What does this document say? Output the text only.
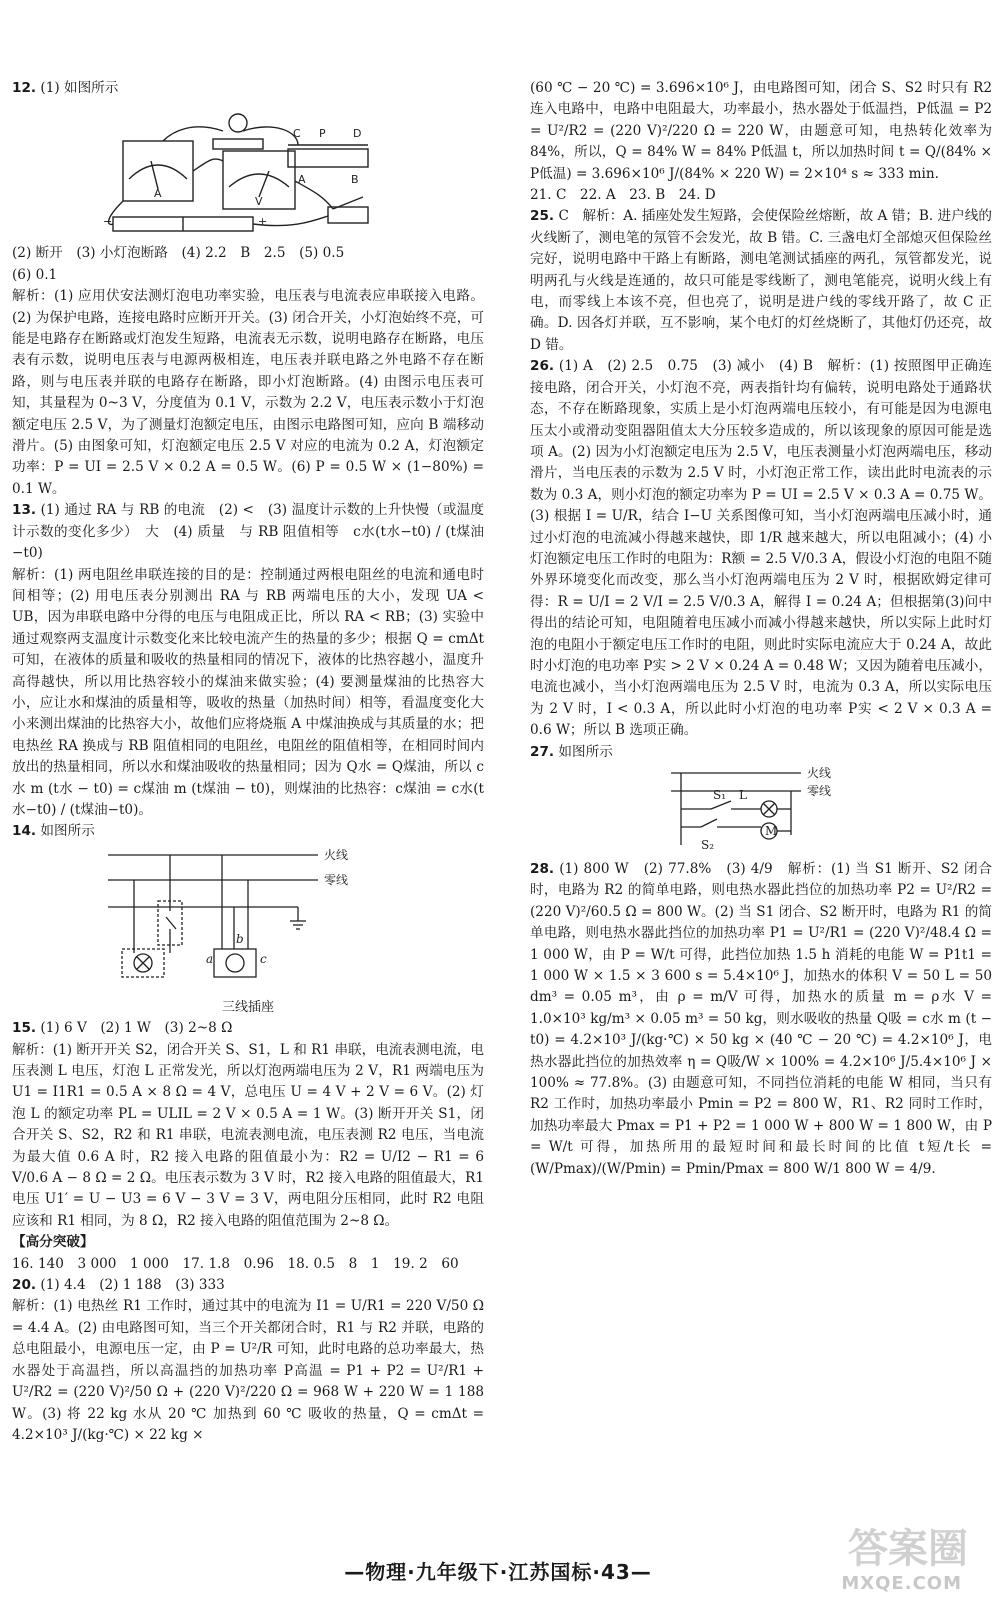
12. (1) 如图所示

C P D
A	B
A
V
−	+

(2) 断开　(3) 小灯泡断路　(4) 2.2　B　2.5　(5) 0.5

(6) 0.1

解析：(1) 应用伏安法测灯泡电功率实验，电压表与电流表应串联接入电路。(2) 为保护电路，连接电路时应断开开关。(3) 闭合开关，小灯泡始终不亮，可能是电路存在断路或灯泡发生短路，电流表无示数，说明电路存在断路，电压表有示数，说明电压表与电源两极相连，电压表并联电路之外电路不存在断路，则与电压表并联的电路存在断路，即小灯泡断路。(4) 由图示电压表可知，其量程为 0~3 V，分度值为 0.1 V，示数为 2.2 V，电压表示数小于灯泡额定电压 2.5 V，为了测量灯泡额定电压，由图示电路图可知，应向 B 端移动滑片。(5) 由图象可知，灯泡额定电压 2.5 V 对应的电流为 0.2 A，灯泡额定功率：P = UI = 2.5 V × 0.2 A = 0.5 W。(6) P = 0.5 W × (1−80%) = 0.1 W。

13. (1) 通过 RA 与 RB 的电流　(2) <　(3) 温度计示数的上升快慢（或温度计示数的变化多少）　大　(4) 质量　与 RB 阻值相等　c水(t水−t0) / (t煤油−t0)

解析：(1) 两电阻丝串联连接的目的是：控制通过两根电阻丝的电流和通电时间相等；(2) 用电压表分别测出 RA 与 RB 两端电压的大小，发现 UA < UB，因为串联电路中分得的电压与电阻成正比，所以 RA < RB；(3) 实验中通过观察两支温度计示数变化来比较电流产生的热量的多少；根据 Q = cmΔt 可知，在液体的质量和吸收的热量相同的情况下，液体的比热容越小，温度升高得越快，所以用比热容较小的煤油来做实验；(4) 要测量煤油的比热容大小，应让水和煤油的质量相等，吸收的热量（加热时间）相等，看温度变化大小来测出煤油的比热容大小，故他们应将烧瓶 A 中煤油换成与其质量的水；把电热丝 RA 换成与 RB 阻值相同的电阻丝，电阻丝的阻值相等，在相同时间内放出的热量相同，所以水和煤油吸收的热量相同；因为 Q水 = Q煤油，所以 c水 m (t水 − t0) = c煤油 m (t煤油 − t0)，则煤油的比热容：c煤油 = c水(t水−t0) / (t煤油−t0)。

14. 如图所示

火线
零线
a
b
c
三线插座

15. (1) 6 V　(2) 1 W　(3) 2~8 Ω

解析：(1) 断开开关 S2，闭合开关 S、S1，L 和 R1 串联，电流表测电流，电压表测 L 电压，灯泡 L 正常发光，所以灯泡两端电压为 2 V，R1 两端电压为 U1 = I1R1 = 0.5 A × 8 Ω = 4 V，总电压 U = 4 V + 2 V = 6 V。(2) 灯泡 L 的额定功率 PL = ULIL = 2 V × 0.5 A = 1 W。(3) 断开开关 S1，闭合开关 S、S2，R2 和 R1 串联，电流表测电流，电压表测 R2 电压，当电流为最大值 0.6 A 时，R2 接入电路的阻值最小为：R2 = U/I2 − R1 = 6 V/0.6 A − 8 Ω = 2 Ω。电压表示数为 3 V 时，R2 接入电路的阻值最大，R1 电压 U1′ = U − U3 = 6 V − 3 V = 3 V，两电阻分压相同，此时 R2 电阻应该和 R1 相同，为 8 Ω，R2 接入电路的阻值范围为 2~8 Ω。

【高分突破】

16. 140　3 000　1 000　17. 1.8　0.96　18. 0.5　8　1　19. 2　60

20. (1) 4.4　(2) 1 188　(3) 333

解析：(1) 电热丝 R1 工作时，通过其中的电流为 I1 = U/R1 = 220 V/50 Ω = 4.4 A。(2) 由电路图可知，当三个开关都闭合时，R1 与 R2 并联，电路的总电阻最小，电源电压一定，由 P = U²/R 可知，此时电路的总功率最大，热水器处于高温挡，所以高温挡的加热功率 P高温 = P1 + P2 = U²/R1 + U²/R2 = (220 V)²/50 Ω + (220 V)²/220 Ω = 968 W + 220 W = 1 188 W。(3) 将 22 kg 水从 20 ℃ 加热到 60 ℃ 吸收的热量，Q = cmΔt = 4.2×10³ J/(kg·℃) × 22 kg ×

(60 ℃ − 20 ℃) = 3.696×10⁶ J，由电路图可知，闭合 S、S2 时只有 R2 连入电路中，电路中电阻最大，功率最小，热水器处于低温挡，P低温 = P2 = U²/R2 = (220 V)²/220 Ω = 220 W，由题意可知，电热转化效率为 84%，所以，Q = 84% W = 84% P低温 t，所以加热时间 t = Q/(84% × P低温) = 3.696×10⁶ J/(84% × 220 W) = 2×10⁴ s ≈ 333 min.

21. C　22. A　23. B　24. D

25. C　解析：A. 插座处发生短路，会使保险丝熔断，故 A 错；B. 进户线的火线断了，测电笔的氖管不会发光，故 B 错。C. 三盏电灯全部熄灭但保险丝完好，说明电路中干路上有断路，测电笔测试插座的两孔，氖管都发光，说明两孔与火线是连通的，故只可能是零线断了，测电笔能亮，说明火线上有电，而零线上本该不亮，但也亮了，说明是进户线的零线开路了，故 C 正确。D. 因各灯并联，互不影响，某个电灯的灯丝烧断了，其他灯仍还亮，故 D 错。

26. (1) A　(2) 2.5　0.75　(3) 减小　(4) B　解析：(1) 按照图甲正确连接电路，闭合开关，小灯泡不亮，两表指针均有偏转，说明电路处于通路状态，不存在断路现象，实质上是小灯泡两端电压较小，有可能是因为电源电压太小或滑动变阻器阻值太大分压较多造成的，所以该现象的原因可能是选项 A。(2) 因为小灯泡额定电压为 2.5 V，电压表测量小灯泡两端电压，移动滑片，当电压表的示数为 2.5 V 时，小灯泡正常工作，读出此时电流表的示数为 0.3 A，则小灯泡的额定功率为 P = UI = 2.5 V × 0.3 A = 0.75 W。(3) 根据 I = U/R，结合 I−U 关系图像可知，当小灯泡两端电压减小时，通过小灯泡的电流减小得越来越快，即 1/R 越来越大，所以电阻减小；(4) 小灯泡额定电压工作时的电阻为：R额 = 2.5 V/0.3 A，假设小灯泡的电阻不随外界环境变化而改变，那么当小灯泡两端电压为 2 V 时，根据欧姆定律可得：R = U/I = 2 V/I = 2.5 V/0.3 A，解得 I = 0.24 A；但根据第(3)问中得出的结论可知，电阻随着电压减小而减小得越来越快，所以实际上此时灯泡的电阻小于额定电压工作时的电阻，则此时实际电流应大于 0.24 A，故此时小灯泡的电功率 P实 > 2 V × 0.24 A = 0.48 W；又因为随着电压减小，电流也减小，当小灯泡两端电压为 2.5 V 时，电流为 0.3 A，所以实际电压为 2 V 时，I < 0.3 A，所以此时小灯泡的电功率 P实 < 2 V × 0.3 A = 0.6 W；所以 B 选项正确。

27. 如图所示

火线
零线
S₁ L
M
S₂

28. (1) 800 W　(2) 77.8%　(3) 4/9　解析：(1) 当 S1 断开、S2 闭合时，电路为 R2 的简单电路，则电热水器此挡位的加热功率 P2 = U²/R2 = (220 V)²/60.5 Ω = 800 W。(2) 当 S1 闭合、S2 断开时，电路为 R1 的简单电路，则电热水器此挡位的加热功率 P1 = U²/R1 = (220 V)²/48.4 Ω = 1 000 W，由 P = W/t 可得，此挡位加热 1.5 h 消耗的电能 W = P1t1 = 1 000 W × 1.5 × 3 600 s = 5.4×10⁶ J，加热水的体积 V = 50 L = 50 dm³ = 0.05 m³，由 ρ = m/V 可得，加热水的质量 m = ρ水 V = 1.0×10³ kg/m³ × 0.05 m³ = 50 kg，则水吸收的热量 Q吸 = c水 m (t − t0) = 4.2×10³ J/(kg·℃) × 50 kg × (40 ℃ − 20 ℃) = 4.2×10⁶ J，电热水器此挡位的加热效率 η = Q吸/W × 100% = 4.2×10⁶ J/5.4×10⁶ J × 100% ≈ 77.8%。(3) 由题意可知，不同挡位消耗的电能 W 相同，当只有 R2 工作时，加热功率最小 Pmin = P2 = 800 W，R1、R2 同时工作时，加热功率最大 Pmax = P1 + P2 = 1 000 W + 800 W = 1 800 W，由 P = W/t 可得，加热所用的最短时间和最长时间的比值 t短/t长 = (W/Pmax)/(W/Pmin) = Pmin/Pmax = 800 W/1 800 W = 4/9.

—物理·九年级下·江苏国标·43—	答案圈
MXQE.COM
